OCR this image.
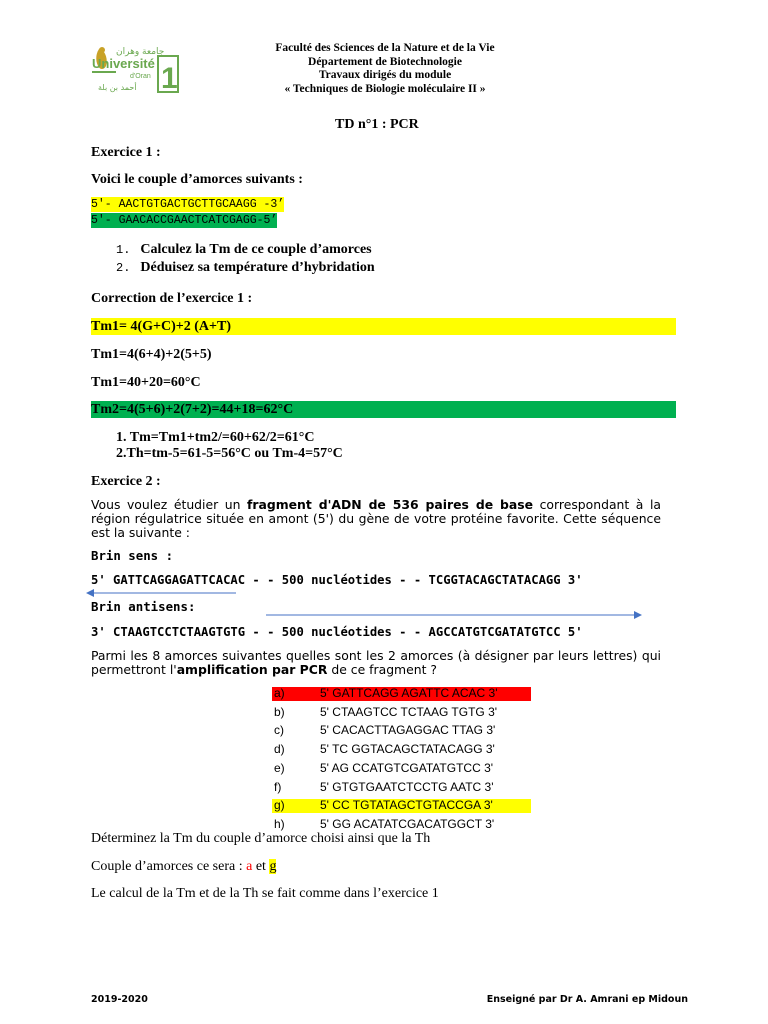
جامعة وهران
Université
d'Oran
أحمد بن بلة 1
Faculté des Sciences de la Nature et de la Vie
Département de Biotechnologie
Travaux dirigés du module
« Techniques de Biologie moléculaire II »
TD n°1 : PCR
Exercice 1 :
Voici le couple d’amorces suivants :
5'- AACTGTGACTGCTTGCAAGG -3’
5'- GAACACCGAACTCATCGAGG-5’
1. Calculez la Tm de ce couple d’amorces
2. Déduisez sa température d’hybridation
Correction de l’exercice 1 :
Tm1= 4(G+C)+2 (A+T)
Tm1=4(6+4)+2(5+5)
Tm1=40+20=60°C
Tm2=4(5+6)+2(7+2)=44+18=62°C
1. Tm=Tm1+tm2/=60+62/2=61°C
2.Th=tm-5=61-5=56°C ou Tm-4=57°C
Exercice 2 :
Vous voulez étudier un fragment d'ADN de 536 paires de base correspondant à la région régulatrice située en amont (5') du gène de votre protéine favorite. Cette séquence est la suivante :
Brin sens :
5' GATTCAGGAGATTCACAC - - 500 nucléotides - - TCGGTACAGCTATACAGG 3'
Brin antisens:
3' CTAAGTCCTCTAAGTGTG - - 500 nucléotides - - AGCCATGTCGATATGTCC 5'
Parmi les 8 amorces suivantes quelles sont les 2 amorces (à désigner par leurs lettres) qui permettront l'amplification par PCR de ce fragment ?
a)	5' GATTCAGG AGATTC ACAC 3'
b)	5' CTAAGTCC TCTAAG TGTG 3'
c)	5' CACACTTAGAGGAC TTAG 3'
d)	5' TC GGTACAGCTATACAGG 3'
e)	5' AG CCATGTCGATATGTCC 3'
f)	5' GTGTGAATCTCCTG AATC 3'
g)	5' CC TGTATAGCTGTACCGA 3'
h)	5' GG ACATATCGACATGGCT 3'
Déterminez la Tm du couple d’amorce choisi ainsi que la Th
Couple d’amorces ce sera : a et g
Le calcul de la Tm et de la Th se fait comme dans l’exercice 1
2019-2020	Enseigné par Dr A. Amrani ep Midoun
